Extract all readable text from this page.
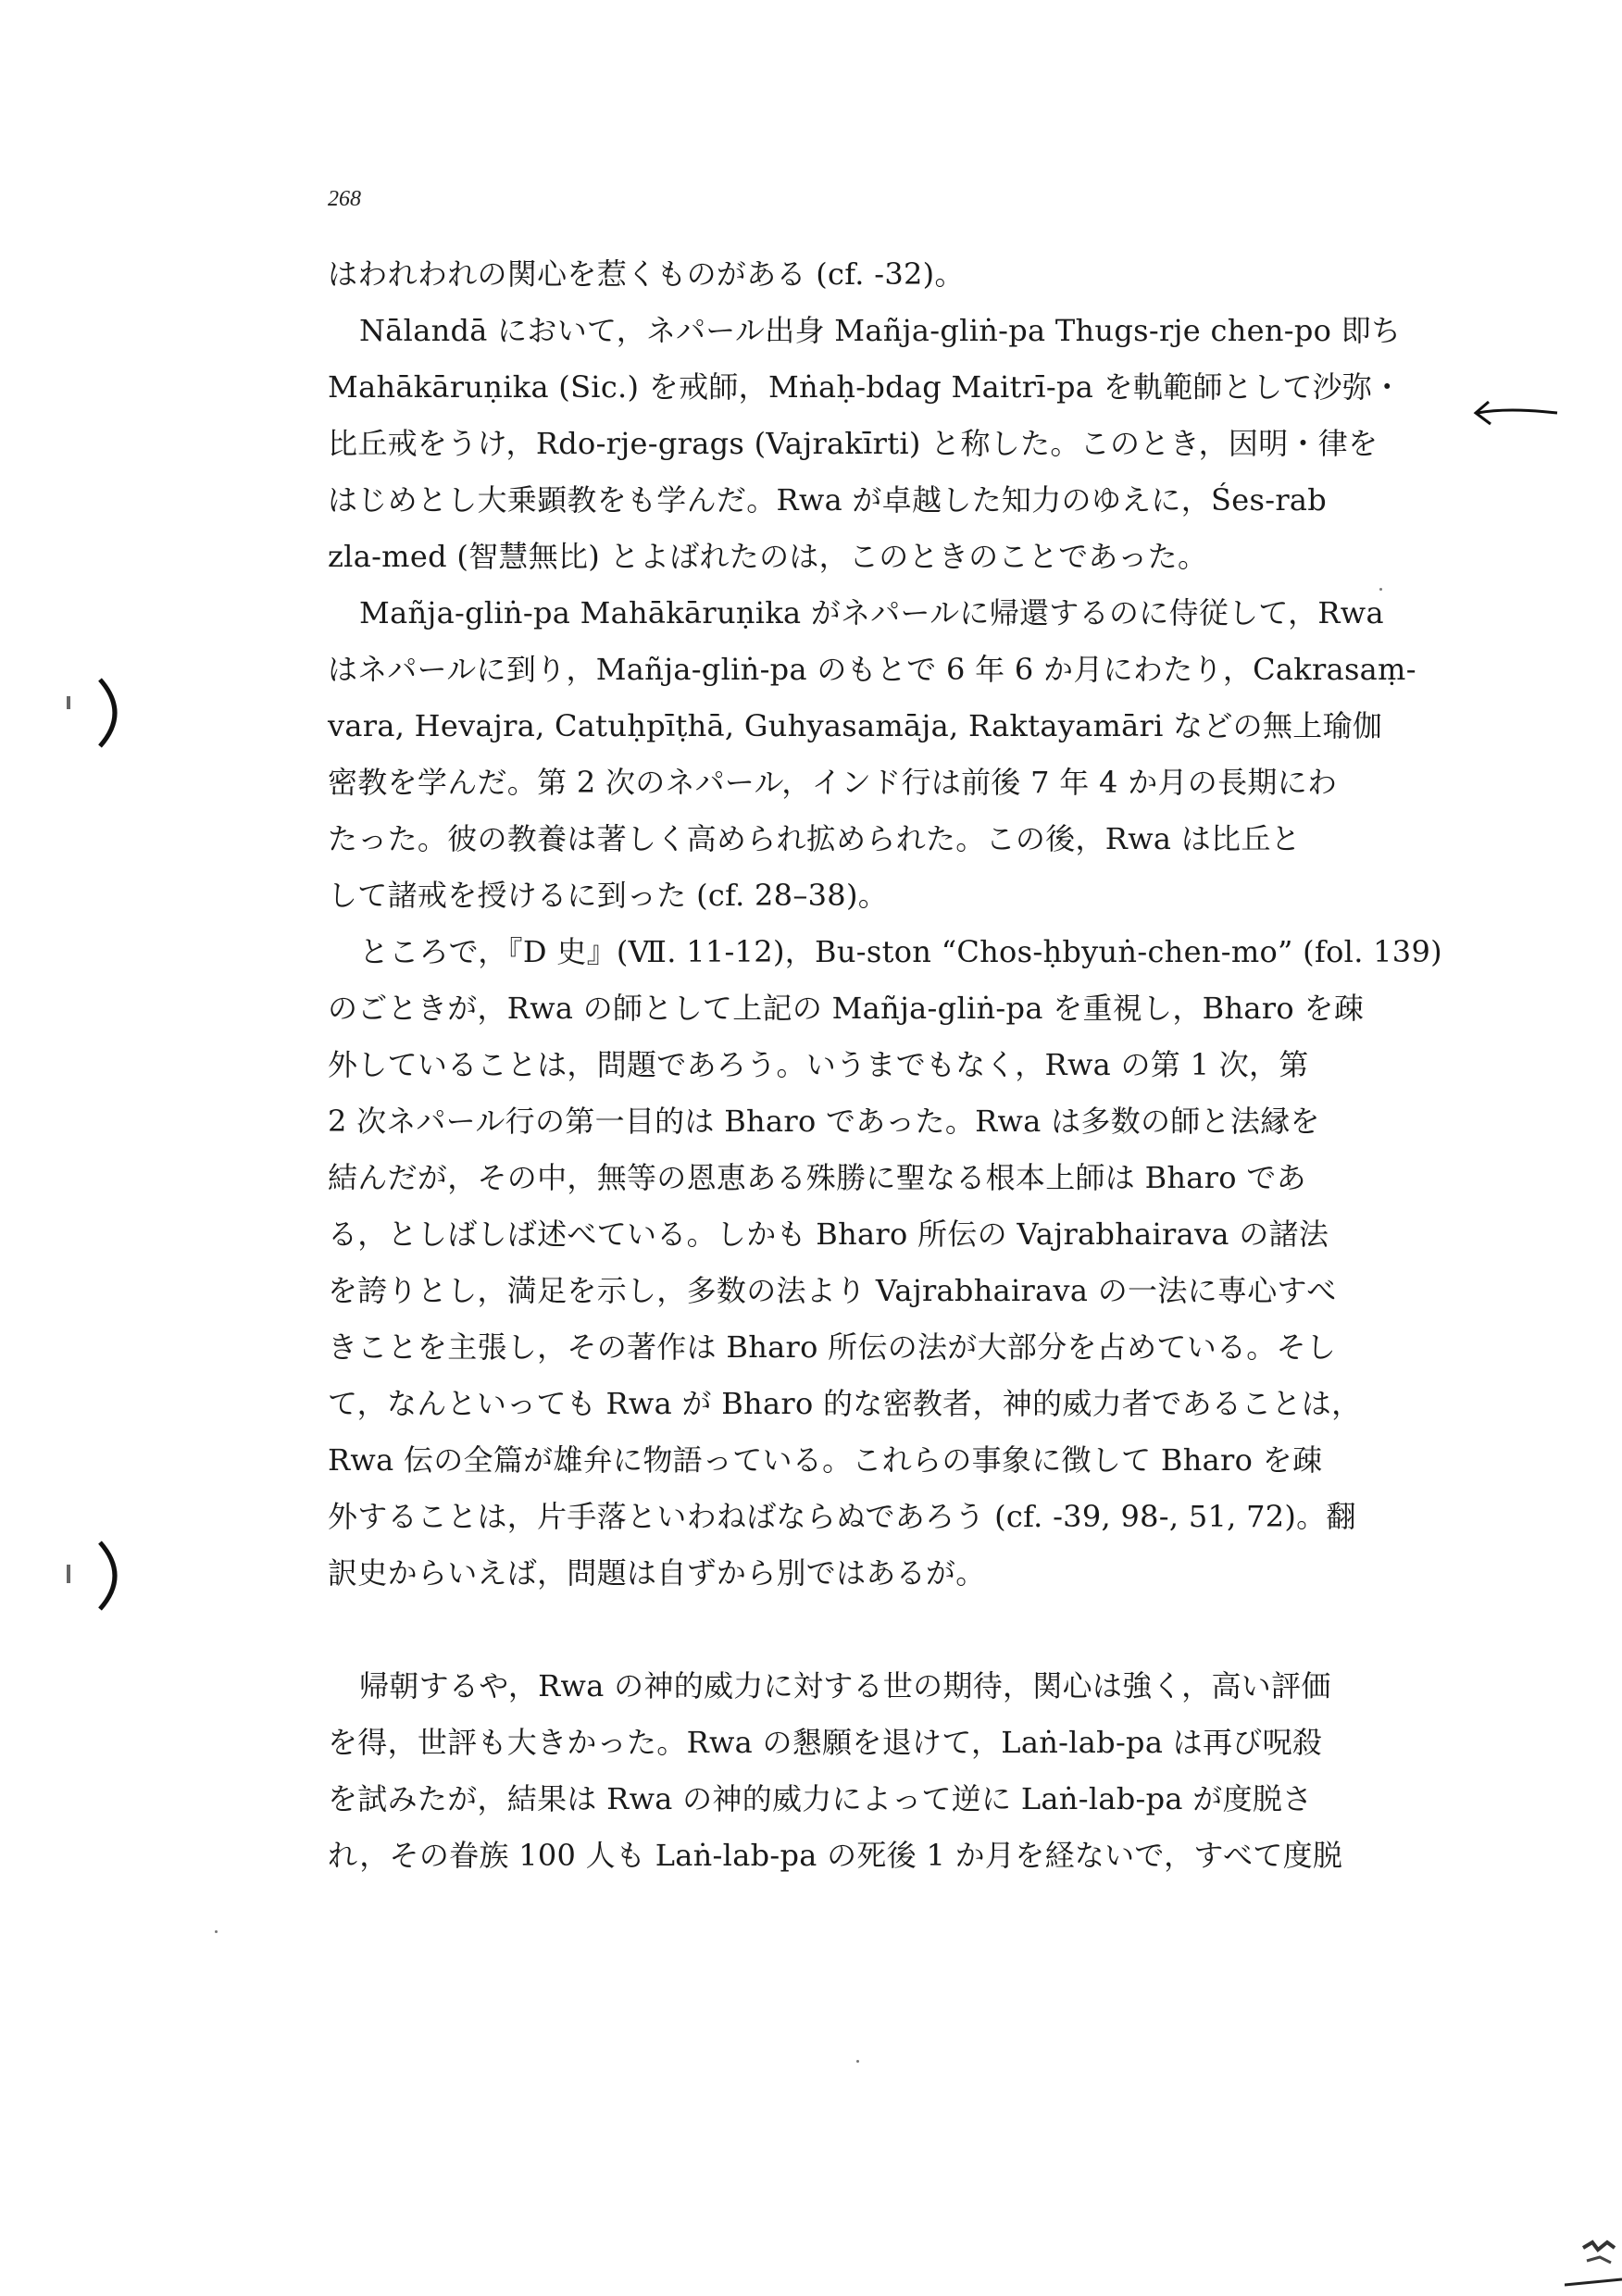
268
はわれわれの関心を惹くものがある (cf. -32)。
Nālandā において，ネパール出身 Mañja-gliṅ-pa Thugs-rje chen-po 即ち
Mahākāruṇika (Sic.) を戒師，Mṅaḥ-bdag Maitrī-pa を軌範師として沙弥・
比丘戒をうけ，Rdo-rje-grags (Vajrakīrti) と称した。このとき，因明・律を
はじめとし大乗顕教をも学んだ。Rwa が卓越した知力のゆえに，Śes-rab
zla-med (智慧無比) とよばれたのは，このときのことであった。
Mañja-gliṅ-pa Mahākāruṇika がネパールに帰還するのに侍従して，Rwa
はネパールに到り，Mañja-gliṅ-pa のもとで 6 年 6 か月にわたり，Cakrasaṃ-
vara, Hevajra, Catuḥpīṭhā, Guhyasamāja, Raktayamāri などの無上瑜伽
密教を学んだ。第 2 次のネパール，インド行は前後 7 年 4 か月の長期にわ
たった。彼の教養は著しく高められ拡められた。この後，Rwa は比丘と
して諸戒を授けるに到った (cf. 28–38)。
ところで，『D 史』(Ⅶ. 11-12)，Bu-ston “Chos-ḥbyuṅ-chen-mo” (fol. 139)
のごときが，Rwa の師として上記の Mañja-gliṅ-pa を重視し，Bharo を疎
外していることは，問題であろう。いうまでもなく，Rwa の第 1 次，第
2 次ネパール行の第一目的は Bharo であった。Rwa は多数の師と法縁を
結んだが，その中，無等の恩恵ある殊勝に聖なる根本上師は Bharo であ
る，としばしば述べている。しかも Bharo 所伝の Vajrabhairava の諸法
を誇りとし，満足を示し，多数の法より Vajrabhairava の一法に専心すべ
きことを主張し，その著作は Bharo 所伝の法が大部分を占めている。そし
て，なんといっても Rwa が Bharo 的な密教者，神的威力者であることは，
Rwa 伝の全篇が雄弁に物語っている。これらの事象に徴して Bharo を疎
外することは，片手落といわねばならぬであろう (cf. -39, 98-, 51, 72)。翻
訳史からいえば，問題は自ずから別ではあるが。
帰朝するや，Rwa の神的威力に対する世の期待，関心は強く，高い評価
を得，世評も大きかった。Rwa の懇願を退けて，Laṅ-lab-pa は再び呪殺
を試みたが，結果は Rwa の神的威力によって逆に Laṅ-lab-pa が度脱さ
れ，その眷族 100 人も Laṅ-lab-pa の死後 1 か月を経ないで，すべて度脱
